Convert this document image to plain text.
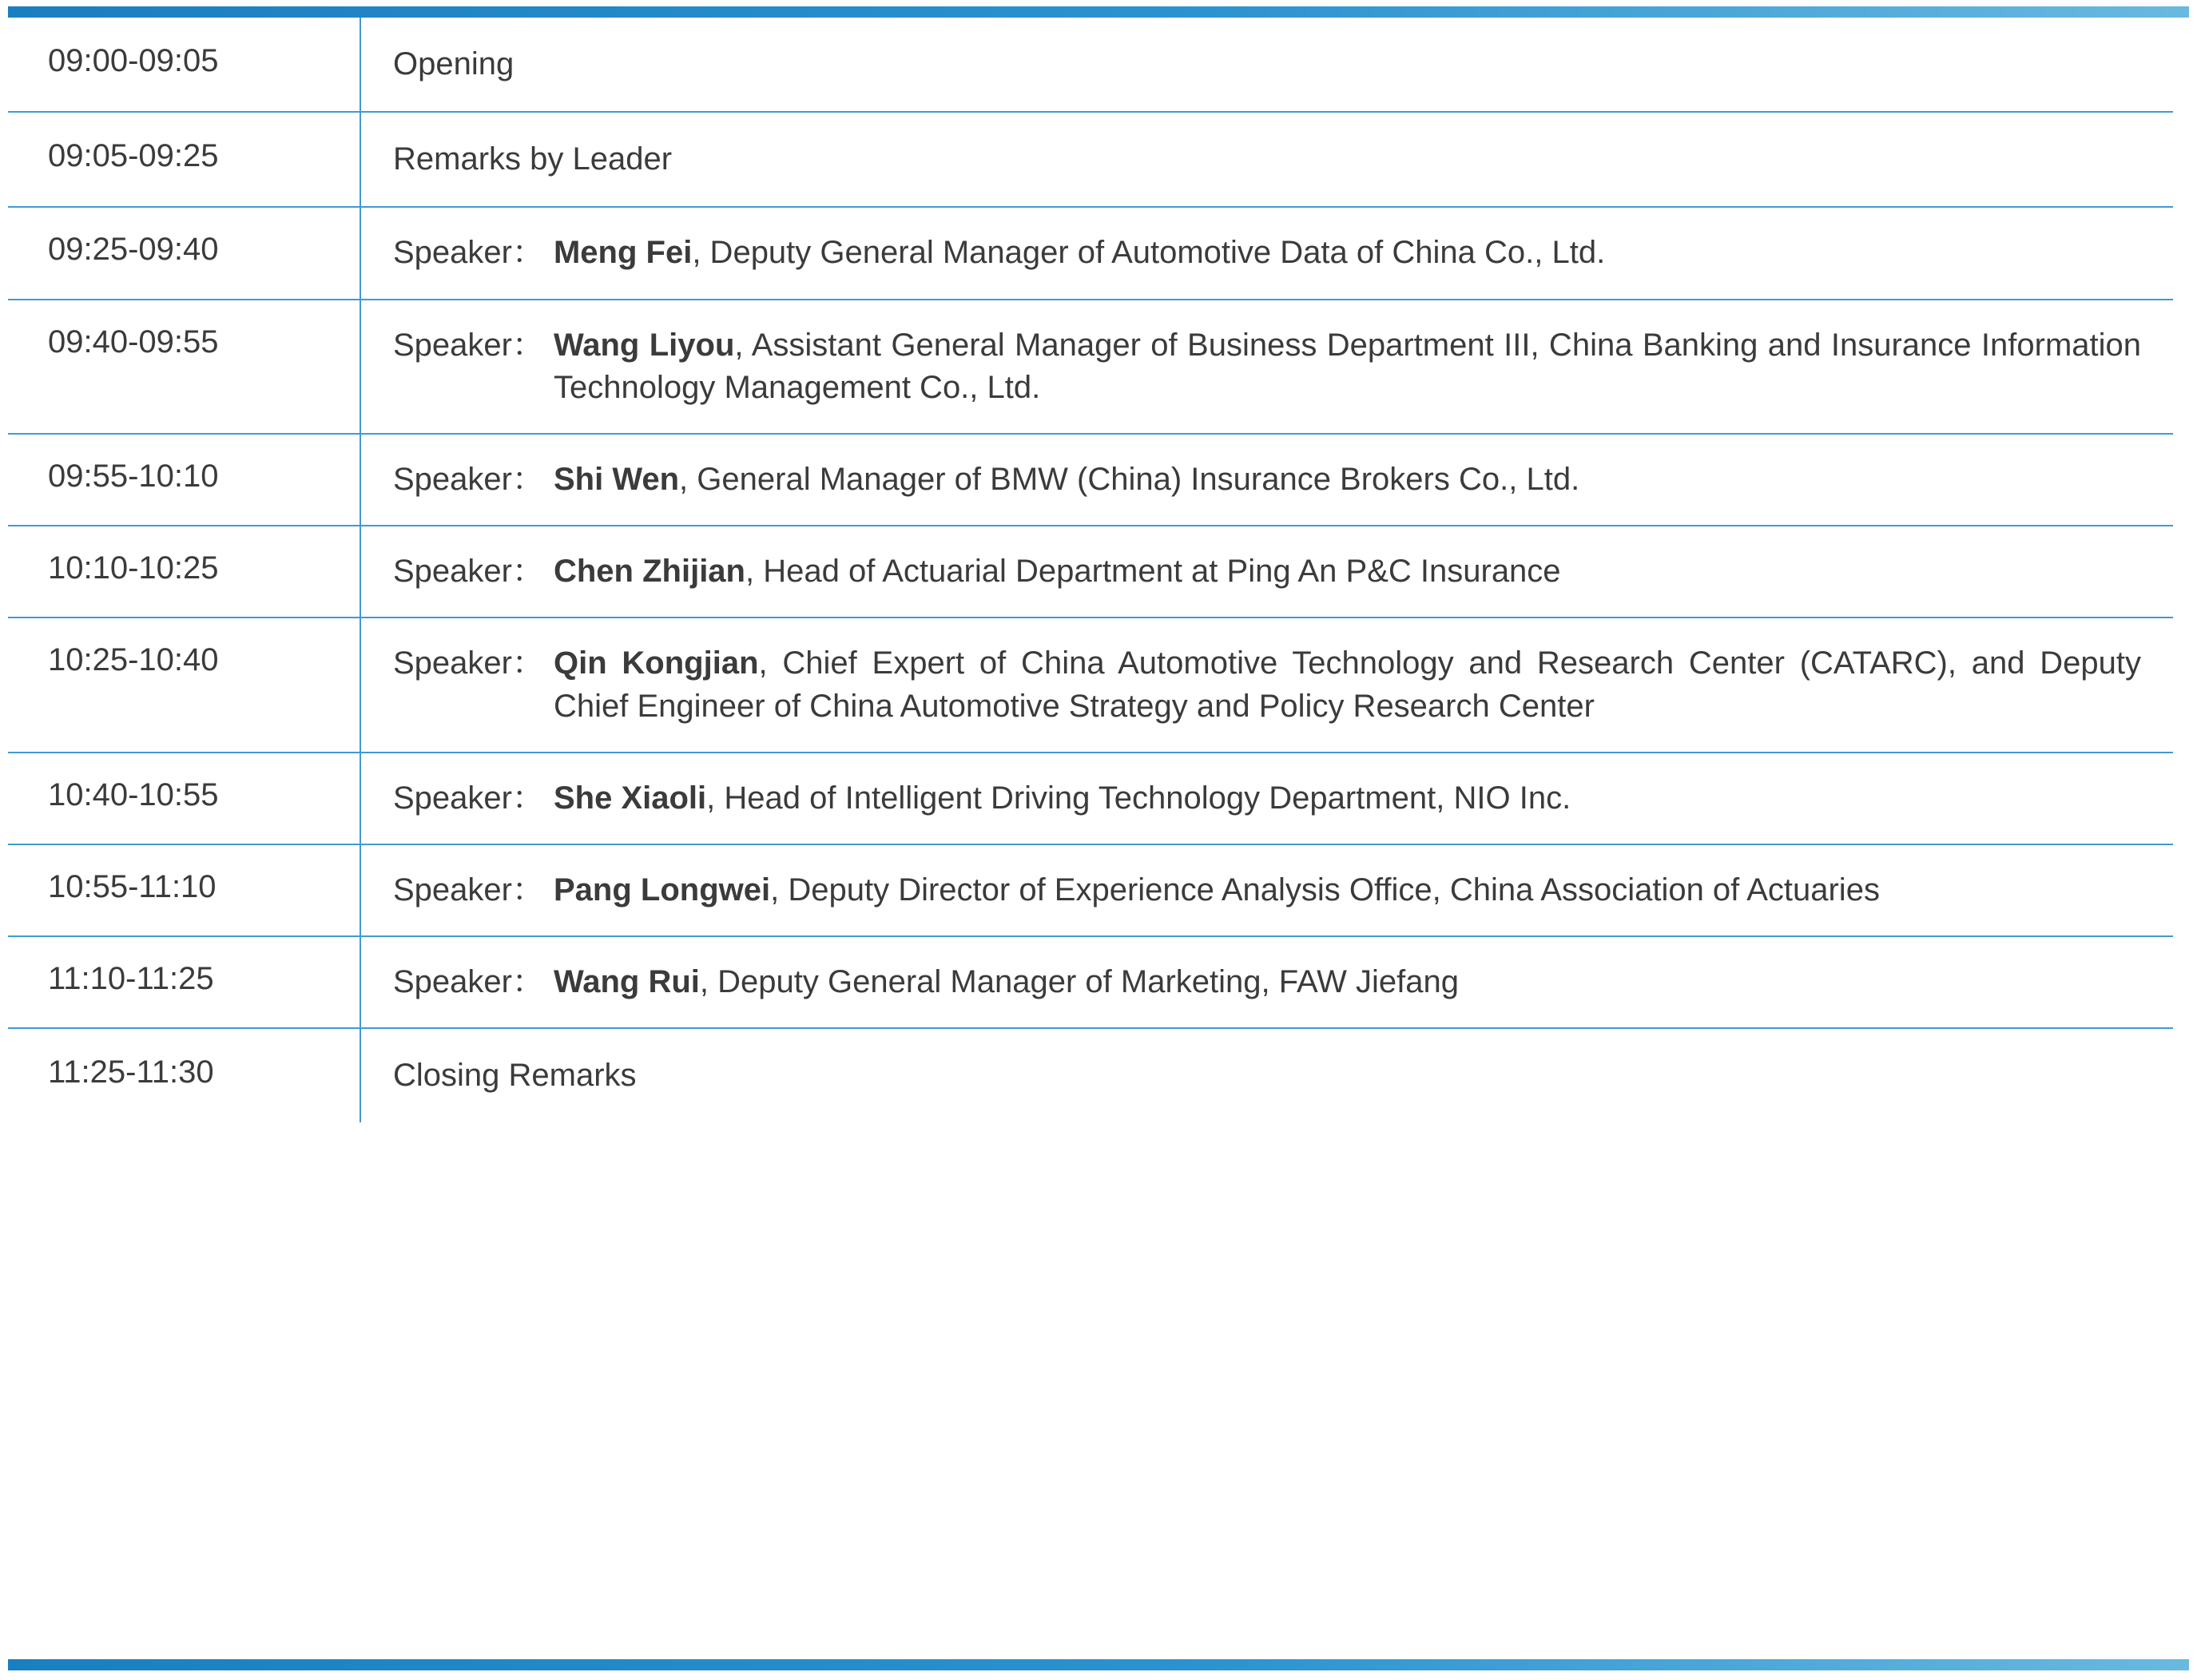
09:00-09:05	Opening

09:05-09:25	Remarks by Leader

09:25-09:40	Speaker： Meng Fei, Deputy General Manager of Automotive Data of China Co., Ltd.

09:40-09:55	Speaker： Wang Liyou, Assistant General Manager of Business Department III, China Banking and Insurance Information Technology Management Co., Ltd.

09:55-10:10	Speaker： Shi Wen, General Manager of BMW (China) Insurance Brokers Co., Ltd.

10:10-10:25	Speaker： Chen Zhijian, Head of Actuarial Department at Ping An P&C Insurance

10:25-10:40	Speaker： Qin Kongjian, Chief Expert of China Automotive Technology and Research Center (CATARC), and Deputy Chief Engineer of China Automotive Strategy and Policy Research Center

10:40-10:55	Speaker： She Xiaoli, Head of Intelligent Driving Technology Department, NIO Inc.

10:55-11:10	Speaker： Pang Longwei, Deputy Director of Experience Analysis Office, China Association of Actuaries

11:10-11:25	Speaker： Wang Rui, Deputy General Manager of Marketing, FAW Jiefang

11:25-11:30	Closing Remarks
